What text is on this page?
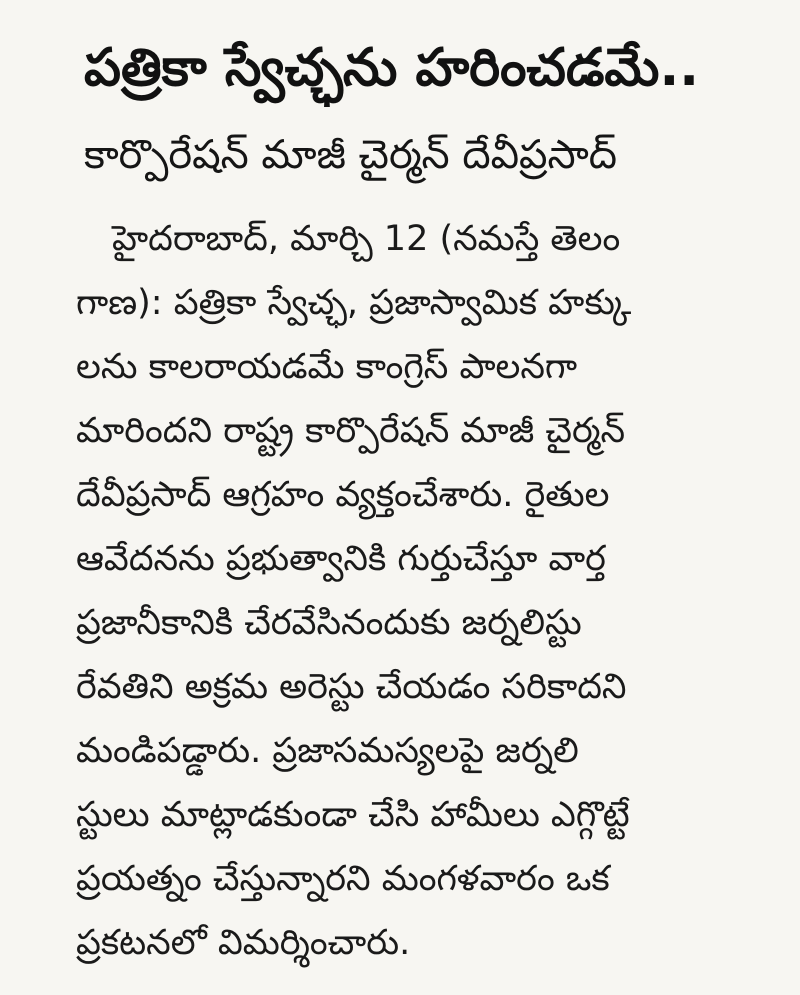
పత్రికా స్వేచ్ఛను హరించడమే..
కార్పొరేషన్ మాజీ చైర్మన్ దేవీప్రసాద్
హైదరాబాద్, మార్చి 12 (నమస్తే తెలం
గాణ): పత్రికా స్వేచ్ఛ, ప్రజాస్వామిక హక్కు
లను కాలరాయడమే కాంగ్రెస్ పాలనగా
మారిందని రాష్ట్ర కార్పొరేషన్ మాజీ చైర్మన్
దేవీప్రసాద్ ఆగ్రహం వ్యక్తంచేశారు. రైతుల
ఆవేదనను ప్రభుత్వానికి గుర్తుచేస్తూ వార్త
ప్రజానీకానికి చేరవేసినందుకు జర్నలిస్టు
రేవతిని అక్రమ అరెస్టు చేయడం సరికాదని
మండిపడ్డారు. ప్రజాసమస్యలపై జర్నలి
స్టులు మాట్లాడకుండా చేసి హామీలు ఎగ్గొట్టే
ప్రయత్నం చేస్తున్నారని మంగళవారం ఒక
ప్రకటనలో విమర్శించారు.
